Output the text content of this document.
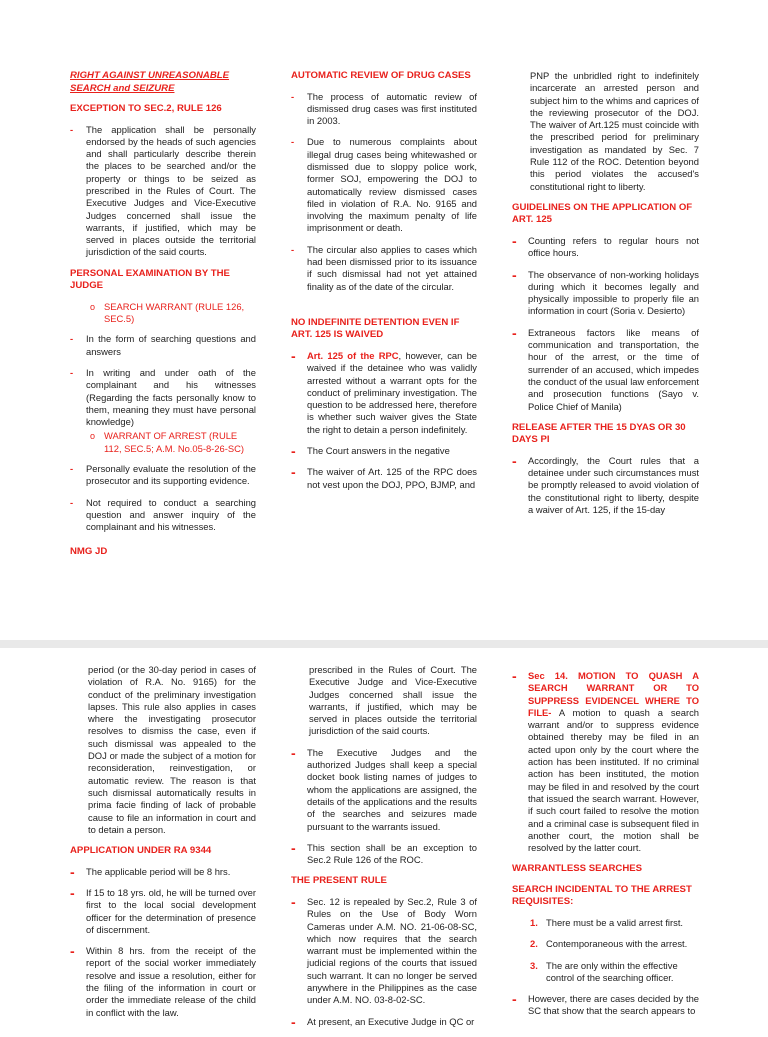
RIGHT AGAINST UNREASONABLE SEARCH and SEIZURE
EXCEPTION TO SEC.2, RULE 126
- The application shall be personally endorsed by the heads of such agencies and shall particularly describe therein the places to be searched and/or the property or things to be seized as prescribed in the Rules of Court. The Executive Judges and Vice-Executive Judges concerned shall issue the warrants, if justified, which may be served in places outside the territorial jurisdiction of the said courts.
PERSONAL EXAMINATION BY THE JUDGE
o SEARCH WARRANT (RULE 126, SEC.5)
- In the form of searching questions and answers
- In writing and under oath of the complainant and his witnesses (Regarding the facts personally know to them, meaning they must have personal knowledge)
o WARRANT OF ARREST (RULE 112, SEC.5; A.M. No.05-8-26-SC)
- Personally evaluate the resolution of the prosecutor and its supporting evidence.
- Not required to conduct a searching question and answer inquiry of the complainant and his witnesses.
AUTOMATIC REVIEW OF DRUG CASES
- The process of automatic review of dismissed drug cases was first instituted in 2003.
- Due to numerous complaints about illegal drug cases being whitewashed or dismissed due to sloppy police work, former SOJ, empowering the DOJ to automatically review dismissed cases filed in violation of R.A. No. 9165 and involving the maximum penalty of life imprisonment or death.
- The circular also applies to cases which had been dismissed prior to its issuance if such dismissal had not yet attained finality as of the date of the circular.
NO INDEFINITE DETENTION EVEN IF ART. 125 IS WAIVED
- Art. 125 of the RPC, however, can be waived if the detainee who was validly arrested without a warrant opts for the conduct of preliminary investigation. The question to be addressed here, therefore is whether such waiver gives the State the right to detain a person indefinitely.
- The Court answers in the negative
- The waiver of Art. 125 of the RPC does not vest upon the DOJ, PPO, BJMP, and
PNP the unbridled right to indefinitely incarcerate an arrested person and subject him to the whims and caprices of the reviewing prosecutor of the DOJ. The waiver of Art.125 must coincide with the prescribed period for preliminary investigation as mandated by Sec. 7 Rule 112 of the ROC. Detention beyond this period violates the accused's constitutional right to liberty.
GUIDELINES ON THE APPLICATION OF ART. 125
- Counting refers to regular hours not office hours.
- The observance of non-working holidays during which it becomes legally and physically impossible to properly file an information in court (Soria v. Desierto)
- Extraneous factors like means of communication and transportation, the hour of the arrest, or the time of surrender of an accused, which impedes the conduct of the usual law enforcement and prosecution functions (Sayo v. Police Chief of Manila)
RELEASE AFTER THE 15 DYAS OR 30 DAYS PI
- Accordingly, the Court rules that a detainee under such circumstances must be promptly released to avoid violation of the constitutional right to liberty, despite a waiver of Art. 125, if the 15-day
NMG JD
period (or the 30-day period in cases of violation of R.A. No. 9165) for the conduct of the preliminary investigation lapses. This rule also applies in cases where the investigating prosecutor resolves to dismiss the case, even if such dismissal was appealed to the DOJ or made the subject of a motion for reconsideration, reinvestigation, or automatic review. The reason is that such dismissal automatically results in prima facie finding of lack of probable cause to file an information in court and to detain a person.
APPLICATION UNDER RA 9344
- The applicable period will be 8 hrs.
- If 15 to 18 yrs. old, he will be turned over first to the local social development officer for the determination of presence of discernment.
- Within 8 hrs. from the receipt of the report of the social worker immediately resolve and issue a resolution, either for the filing of the information in court or order the immediate release of the child in conflict with the law.
prescribed in the Rules of Court. The Executive Judge and Vice-Executive Judges concerned shall issue the warrants, if justified, which may be served in places outside the territorial jurisdiction of the said courts.
- The Executive Judges and the authorized Judges shall keep a special docket book listing names of judges to whom the applications are assigned, the details of the applications and the results of the searches and seizures made pursuant to the warrants issued.
- This section shall be an exception to Sec.2 Rule 126 of the ROC.
THE PRESENT RULE
- Sec. 12 is repealed by Sec.2, Rule 3 of Rules on the Use of Body Worn Cameras under A.M. NO. 21-06-08-SC, which now requires that the search warrant must be implemented within the judicial regions of the courts that issued such warrant. It can no longer be served anywhere in the Philippines as the case under A.M. NO. 03-8-02-SC.
- At present, an Executive Judge in QC or
- Sec 14. MOTION TO QUASH A SEARCH WARRANT OR TO SUPPRESS EVIDENCEL WHERE TO FILE- A motion to quash a search warrant and/or to suppress evidence obtained thereby may be filed in an acted upon only by the court where the action has been instituted. If no criminal action has been instituted, the motion may be filed in and resolved by the court that issued the search warrant. However, if such court failed to resolve the motion and a criminal case is subsequent filed in another court, the motion shall be resolved by the latter court.
WARRANTLESS SEARCHES
SEARCH INCIDENTAL TO THE ARREST REQUISITES:
1. There must be a valid arrest first.
2. Contemporaneous with the arrest.
3. The are only within the effective control of the searching officer.
- However, there are cases decided by the SC that show that the search appears to
